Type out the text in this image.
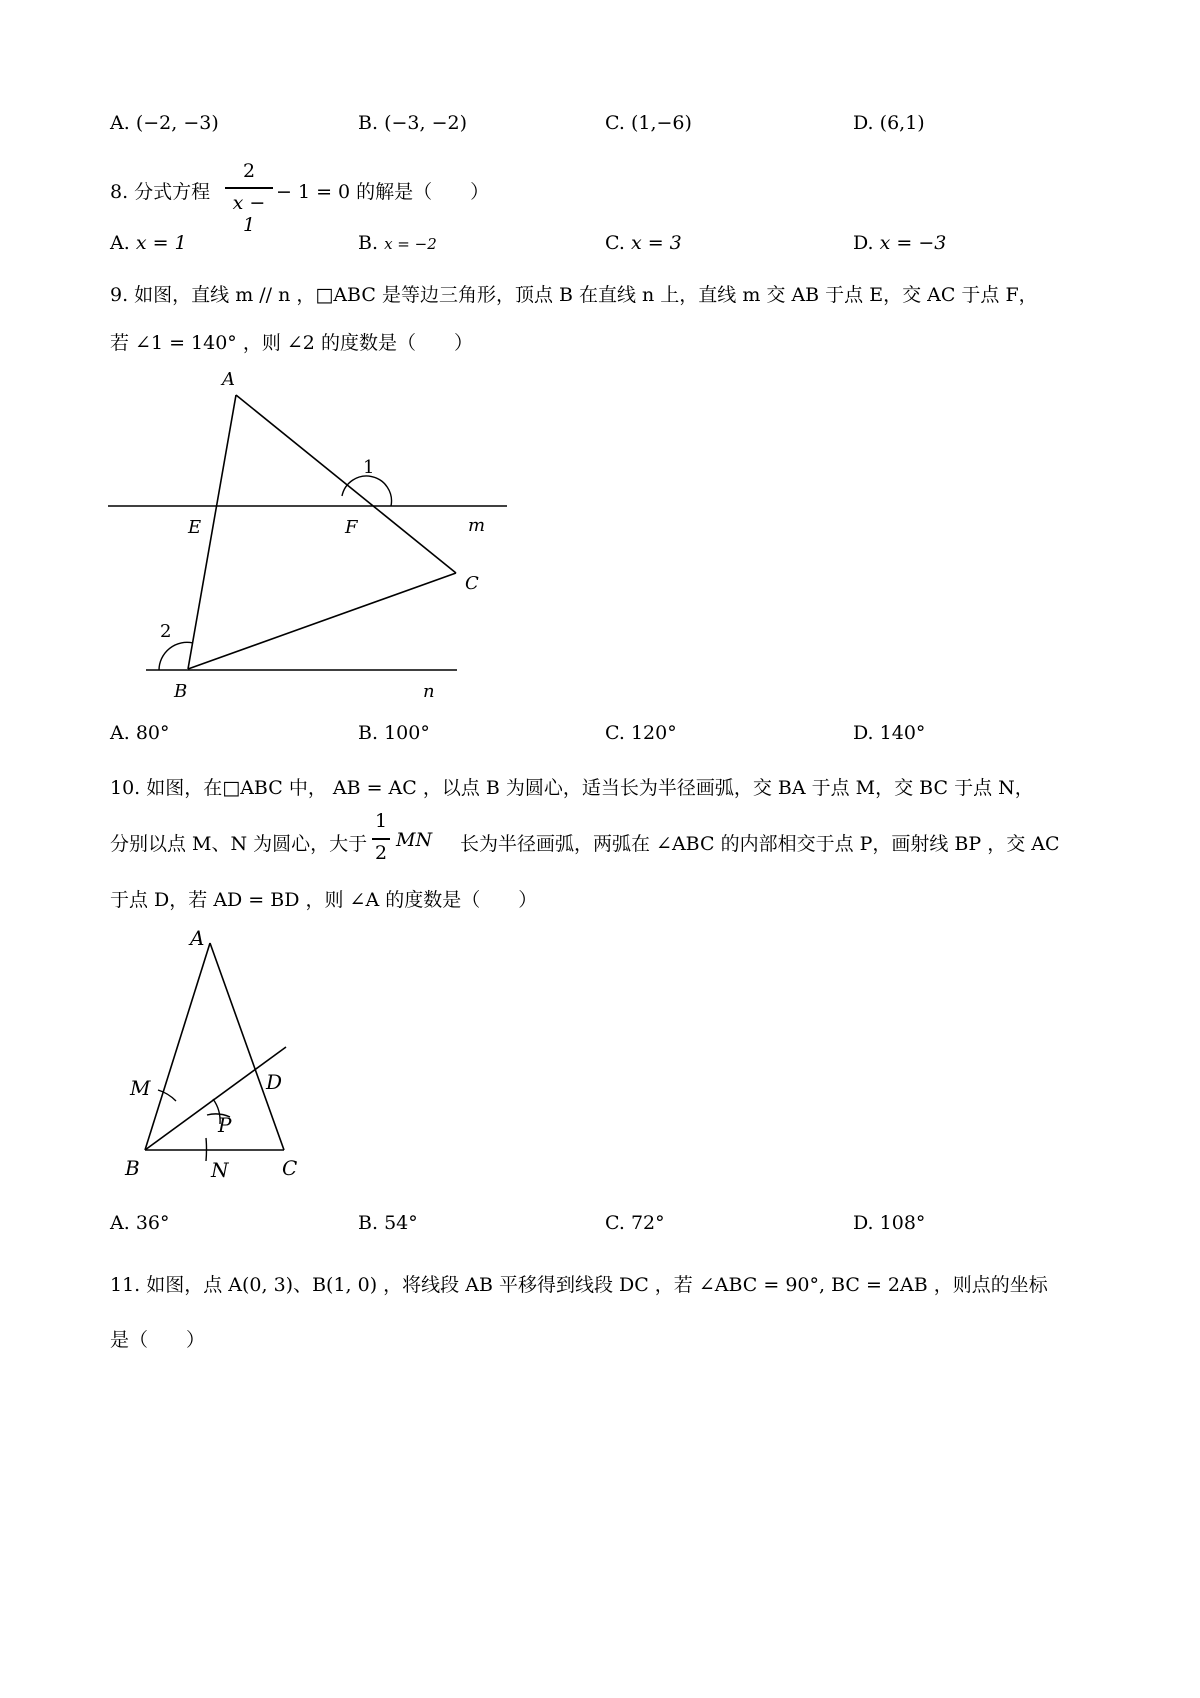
A. (−2, −3)	B. (−3, −2)	C. (1,−6)	D. (6,1)
8. 分式方程
2
x − 1
− 1 = 0 的解是（　　）
A. x = 1	B. x = −2	C. x = 3	D. x = −3
9. 如图，直线 m // n ，□ABC 是等边三角形，顶点 B 在直线 n 上，直线 m 交 AB 于点 E，交 AC 于点 F，
若 ∠1 = 140° ，则 ∠2 的度数是（　　）
A
E	F
1
m
C
2
B	n
A. 80°	B. 100°	C. 120°	D. 140°
10. 如图，在□ABC 中， AB = AC ，以点 B 为圆心，适当长为半径画弧，交 BA 于点 M，交 BC 于点 N，
分别以点 M、N 为圆心，大于
1
2
MN 长为半径画弧，两弧在 ∠ABC 的内部相交于点 P，画射线 BP ，交 AC
于点 D，若 AD = BD ，则 ∠A 的度数是（　　）
A
M	D
P
B	N	C
A. 36°	B. 54°	C. 72°	D. 108°
11. 如图，点 A(0, 3)、B(1, 0) ，将线段 AB 平移得到线段 DC ，若 ∠ABC = 90°, BC = 2AB ，则点的坐标
是（　　）
